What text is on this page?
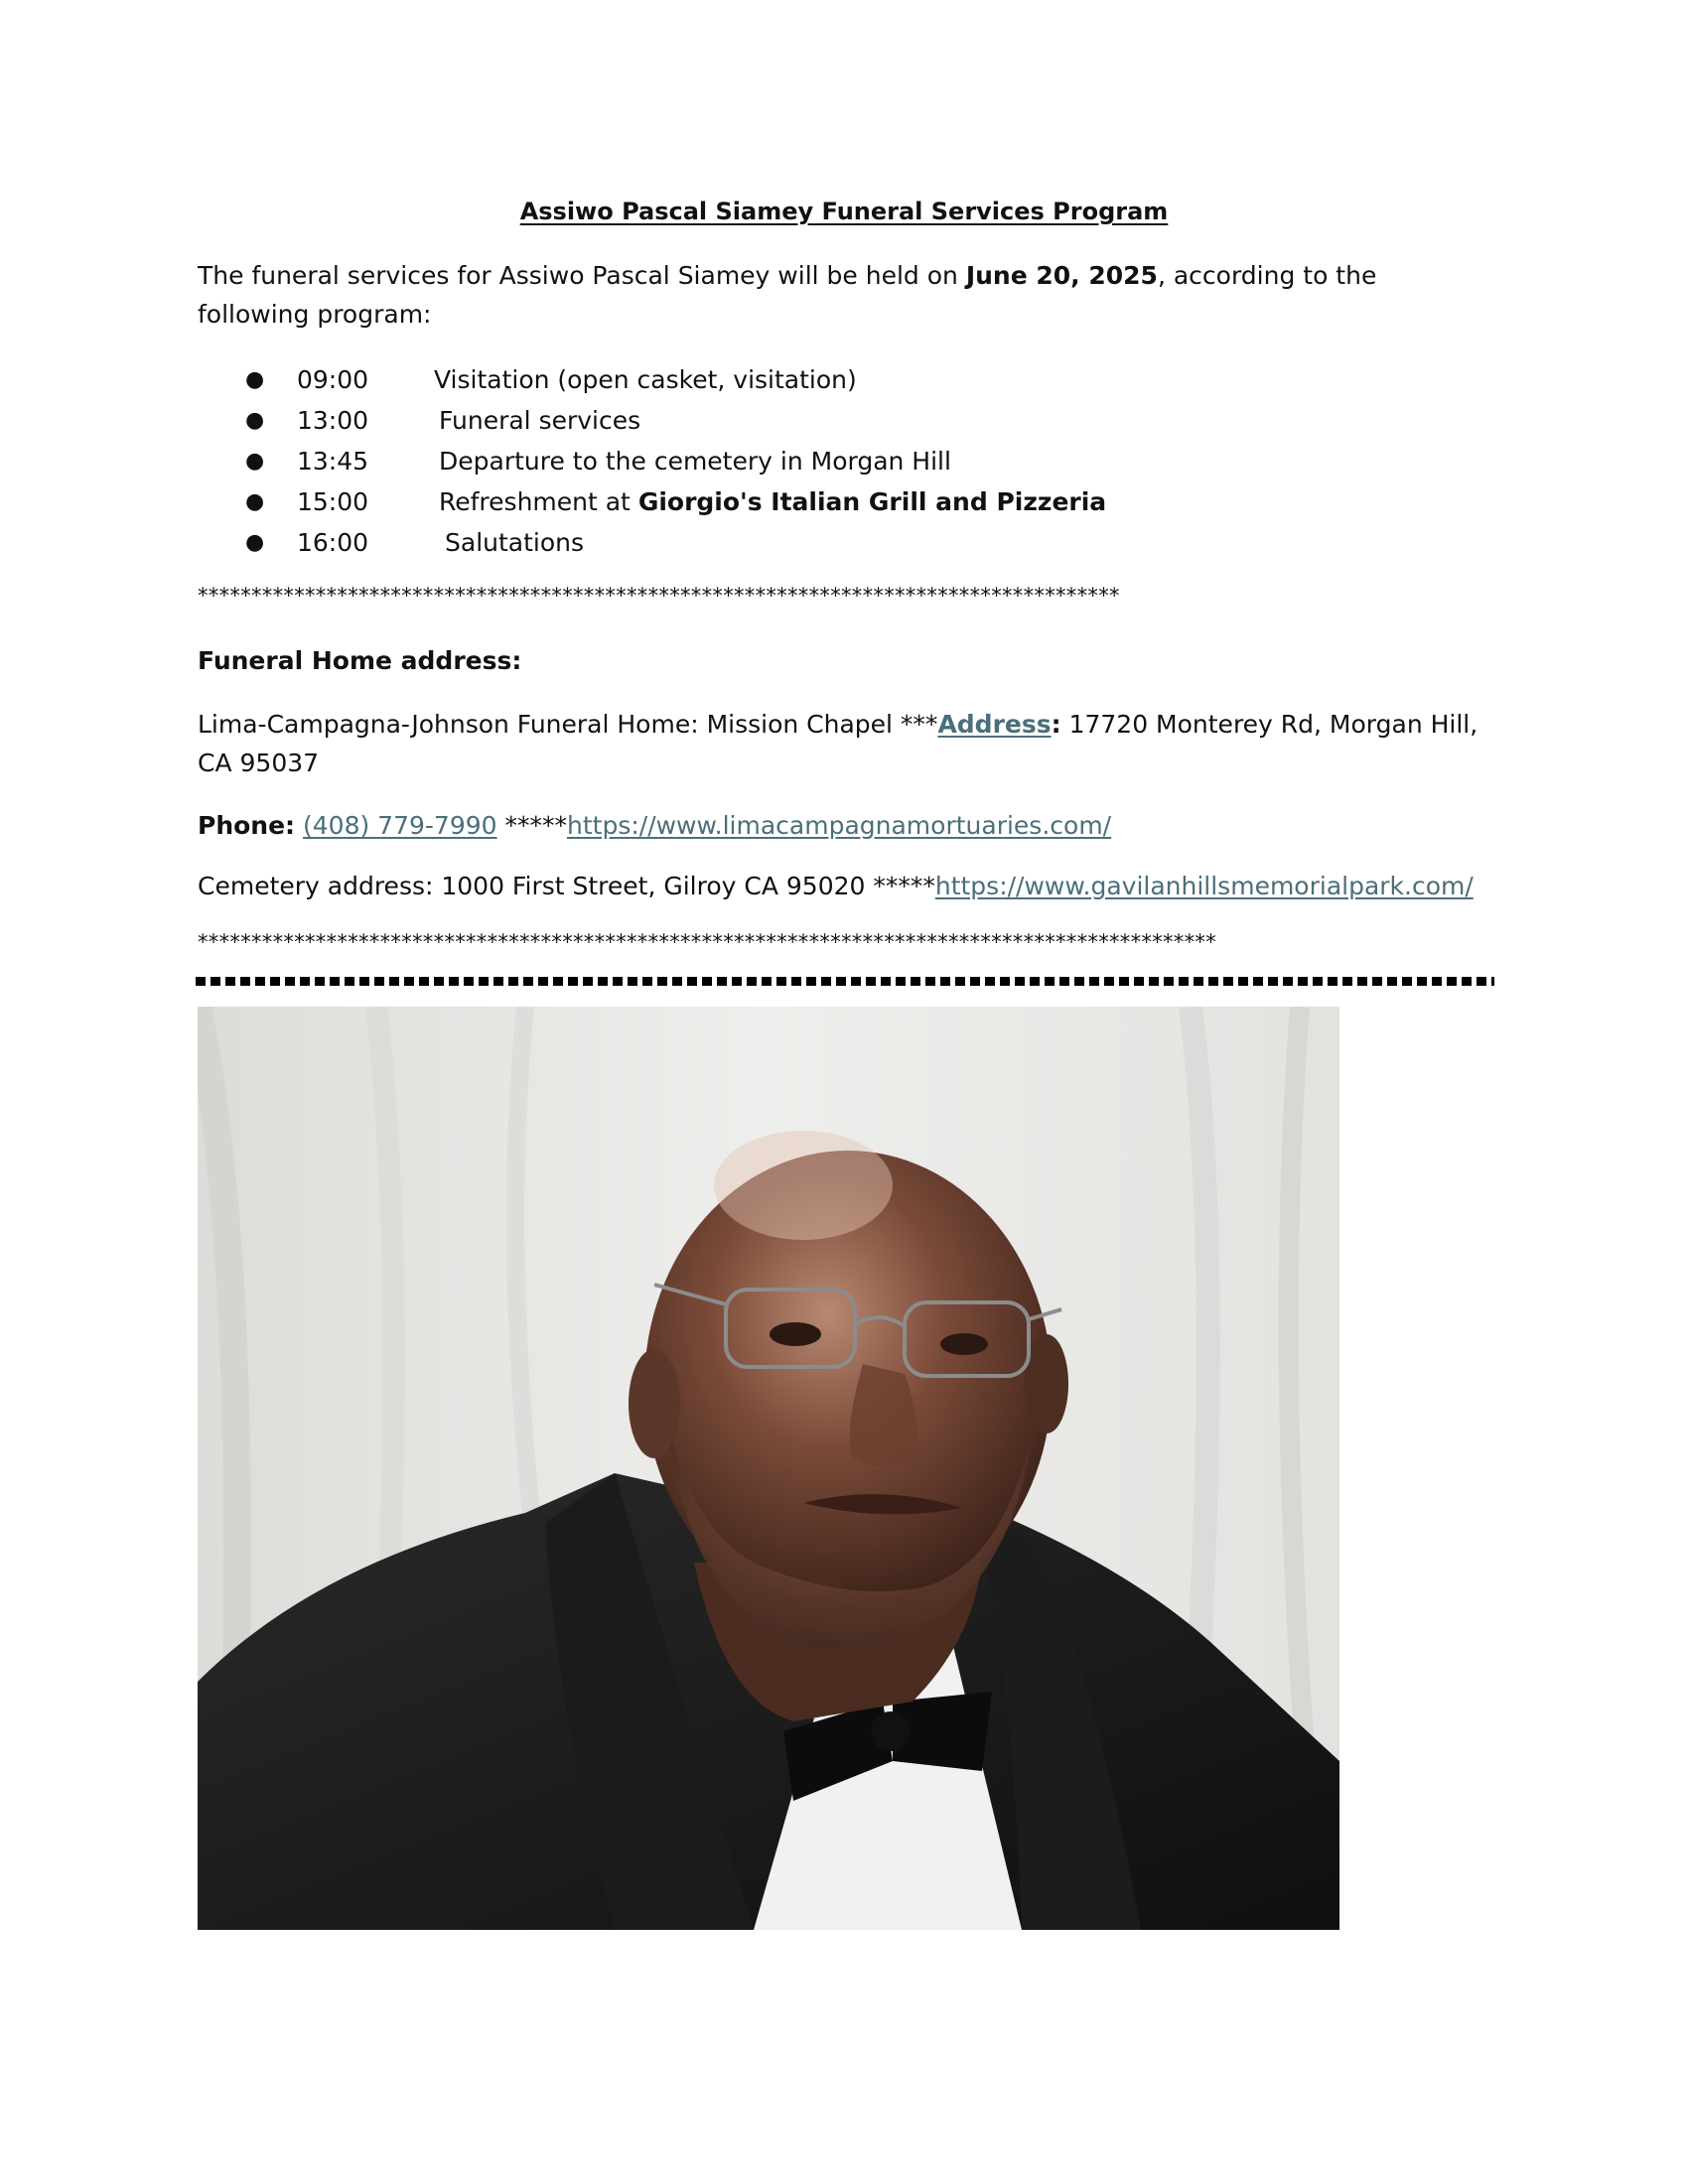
Assiwo Pascal Siamey Funeral Services Program
The funeral services for Assiwo Pascal Siamey will be held on June 20, 2025, according to the following program:
● 09:00	Visitation (open casket, visitation)
● 13:00	Funeral services
● 13:45	Departure to the cemetery in Morgan Hill
● 15:00	Refreshment at Giorgio's Italian Grill and Pizzeria
● 16:00	Salutations
**************************************************************************************
Funeral Home address:
Lima-Campagna-Johnson Funeral Home: Mission Chapel ***Address: 17720 Monterey Rd, Morgan Hill, CA 95037
Phone: (408) 779-7990 *****https://www.limacampagnamortuaries.com/
Cemetery address: 1000 First Street, Gilroy CA 95020 *****https://www.gavilanhillsmemorialpark.com/
***********************************************************************************************
